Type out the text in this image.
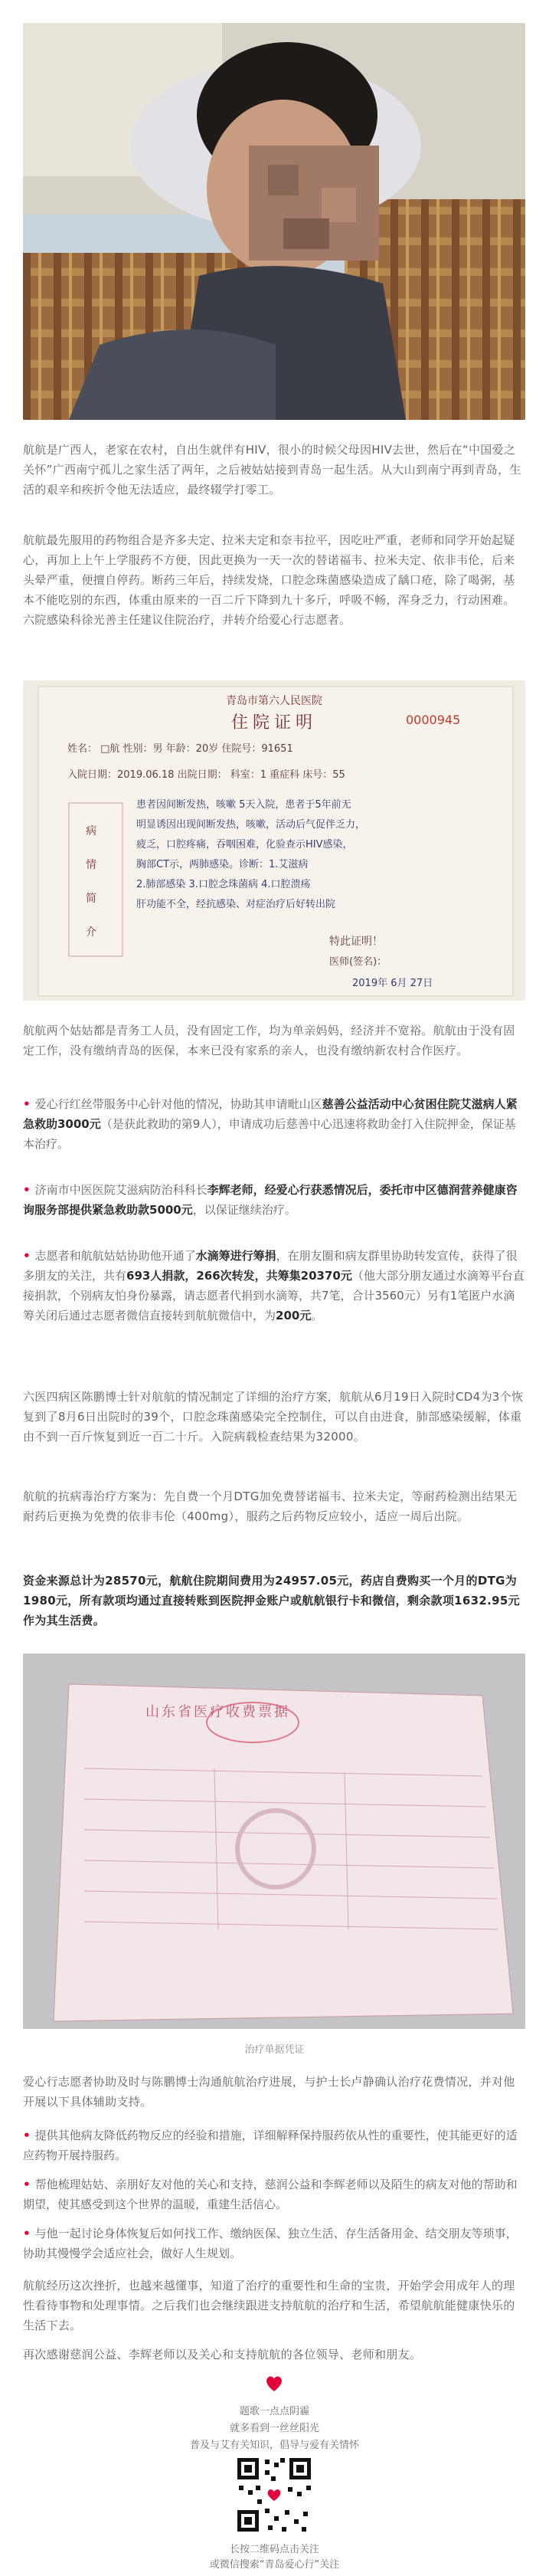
航航是广西人，老家在农村，自出生就伴有HIV，很小的时候父母因HIV去世，然后在“中国爱之关怀”广西南宁孤儿之家生活了两年，之后被姑姑接到青岛一起生活。从大山到南宁再到青岛，生活的艰辛和疾折令他无法适应，最终辍学打零工。

航航最先服用的药物组合是齐多夫定、拉米夫定和奈韦拉平，因吃吐严重，老师和同学开始起疑心，再加上上午上学服药不方便，因此更换为一天一次的替诺福韦、拉米夫定、依非韦伦，后来头晕严重，便擅自停药。断药三年后，持续发烧，口腔念珠菌感染造成了龋口疮，除了喝粥，基本不能吃别的东西，体重由原来的一百二斤下降到九十多斤，呼吸不畅，浑身乏力，行动困难。六院感染科徐光善主任建议住院治疗，并转介给爱心行志愿者。

青岛市第六人民医院
住院证明	0000945
姓名： □航 性别：男 年龄：20岁 住院号：91651
入院日期：2019.06.18 出院日期： 科室：1 重症科 床号：55
病情简介
患者因间断发热，咳嗽 5天入院，患者于5年前无
明显诱因出现间断发热，咳嗽，活动后气促伴乏力，
疲乏，口腔疼痛，吞咽困难，化验查示HIV感染，
胸部CT示，两肺感染。诊断：1.艾滋病
2.肺部感染 3.口腔念珠菌病 4.口腔溃疡
肝功能不全，经抗感染、对症治疗后好转出院
特此证明！
医师(签名)：
2019年 6月 27日

航航两个姑姑都是青务工人员，没有固定工作，均为单亲妈妈，经济并不宽裕。航航由于没有固定工作，没有缴纳青岛的医保，本来已没有家系的亲人，也没有缴纳新农村合作医疗。

• 爱心行红丝带服务中心针对他的情况，协助其申请毗山区慈善公益活动中心贫困住院艾滋病人紧急救助3000元（是获此救助的第9人），申请成功后慈善中心迅速将救助金打入住院押金，保证基本治疗。

• 济南市中医医院艾滋病防治科科长李辉老师，经爱心行获悉情况后，委托市中区德润营养健康咨询服务部提供紧急救助款5000元，以保证继续治疗。

• 志愿者和航航姑姑协助他开通了水滴筹进行筹捐，在朋友圈和病友群里协助转发宣传，获得了很多朋友的关注，共有693人捐款，266次转发，共筹集20370元（他大部分朋友通过水滴筹平台直接捐款，个别病友怕身份暴露，请志愿者代捐到水滴筹，共7笔，合计3560元）另有1笔匿户水滴筹关闭后通过志愿者微信直接转到航航微信中，为200元。

六医四病区陈鹏博士针对航航的情况制定了详细的治疗方案，航航从6月19日入院时CD4为3个恢复到了8月6日出院时的39个，口腔念珠菌感染完全控制住，可以自由进食，肺部感染缓解，体重由不到一百斤恢复到近一百二十斤。入院病载检查结果为32000。

航航的抗病毒治疗方案为：先自费一个月DTG加免费替诺福韦、拉米夫定，等耐药检测出结果无耐药后更换为免费的依非韦伦（400mg），服药之后药物反应较小，适应一周后出院。

资金来源总计为28570元，航航住院期间费用为24957.05元，药店自费购买一个月的DTG为1980元，所有款项均通过直接转账到医院押金账户或航航银行卡和微信，剩余款项1632.95元作为其生活费。

山东省医疗收费票据
治疗单据凭证

爱心行志愿者协助及时与陈鹏博士沟通航航治疗进展，与护士长卢静确认治疗花费情况，并对他开展以下具体辅助支持。

• 提供其他病友降低药物反应的经验和措施，详细解释保持服药依从性的重要性，使其能更好的适应药物开展持服药。

• 帮他梳理姑姑、亲朋好友对他的关心和支持，慈润公益和李辉老师以及陌生的病友对他的帮助和期望，使其感受到这个世界的温暖，重建生活信心。

• 与他一起讨论身体恢复后如何找工作、缴纳医保、独立生活、存生活备用金、结交朋友等琐事，协助其慢慢学会适应社会，做好人生规划。

航航经历这次挫折，也越来越懂事，知道了治疗的重要性和生命的宝贵，开始学会用成年人的理性看待事物和处理事情。之后我们也会继续跟进支持航航的治疗和生活，希望航航能健康快乐的生活下去。

再次感谢慈润公益、李辉老师以及关心和支持航航的各位领导、老师和朋友。

题歌一点点阴霾
就多看到一丝丝阳光
普及与艾有关知识，倡导与爱有关情怀
长按二维码点击关注
或微信搜索“青岛爱心行”关注
